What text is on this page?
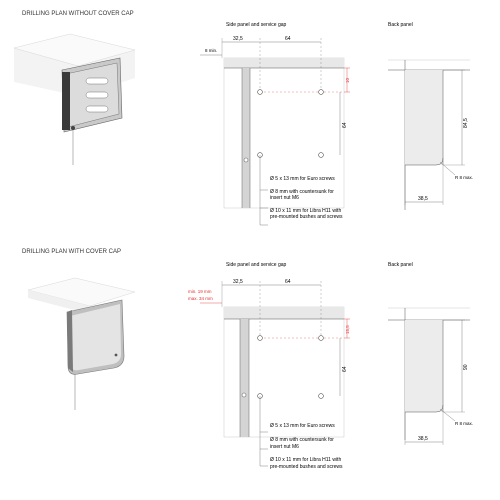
DRILLING PLAN WITHOUT COVER CAP
Side panel and service gap
32,5	64
8 min.
10
64
Ø 5 x 13 mm for Euro screws
Ø 8 mm with countersunk for
insert nut M6
Ø 10 x 11 mm for Libra H11 with
pre-mounted bushes and screws
Back panel
84,5
R 8 max.
38,5
DRILLING PLAN WITH COVER CAP
Side panel and service gap
32,5	64
min. 19 mm
max. 34 mm
15,5
64
Ø 5 x 13 mm for Euro screws
Ø 8 mm with countersunk for
insert nut M6
Ø 10 x 11 mm for Libra H11 with
pre-mounted bushes and screws
Back panel
90
R 8 max.
38,5
